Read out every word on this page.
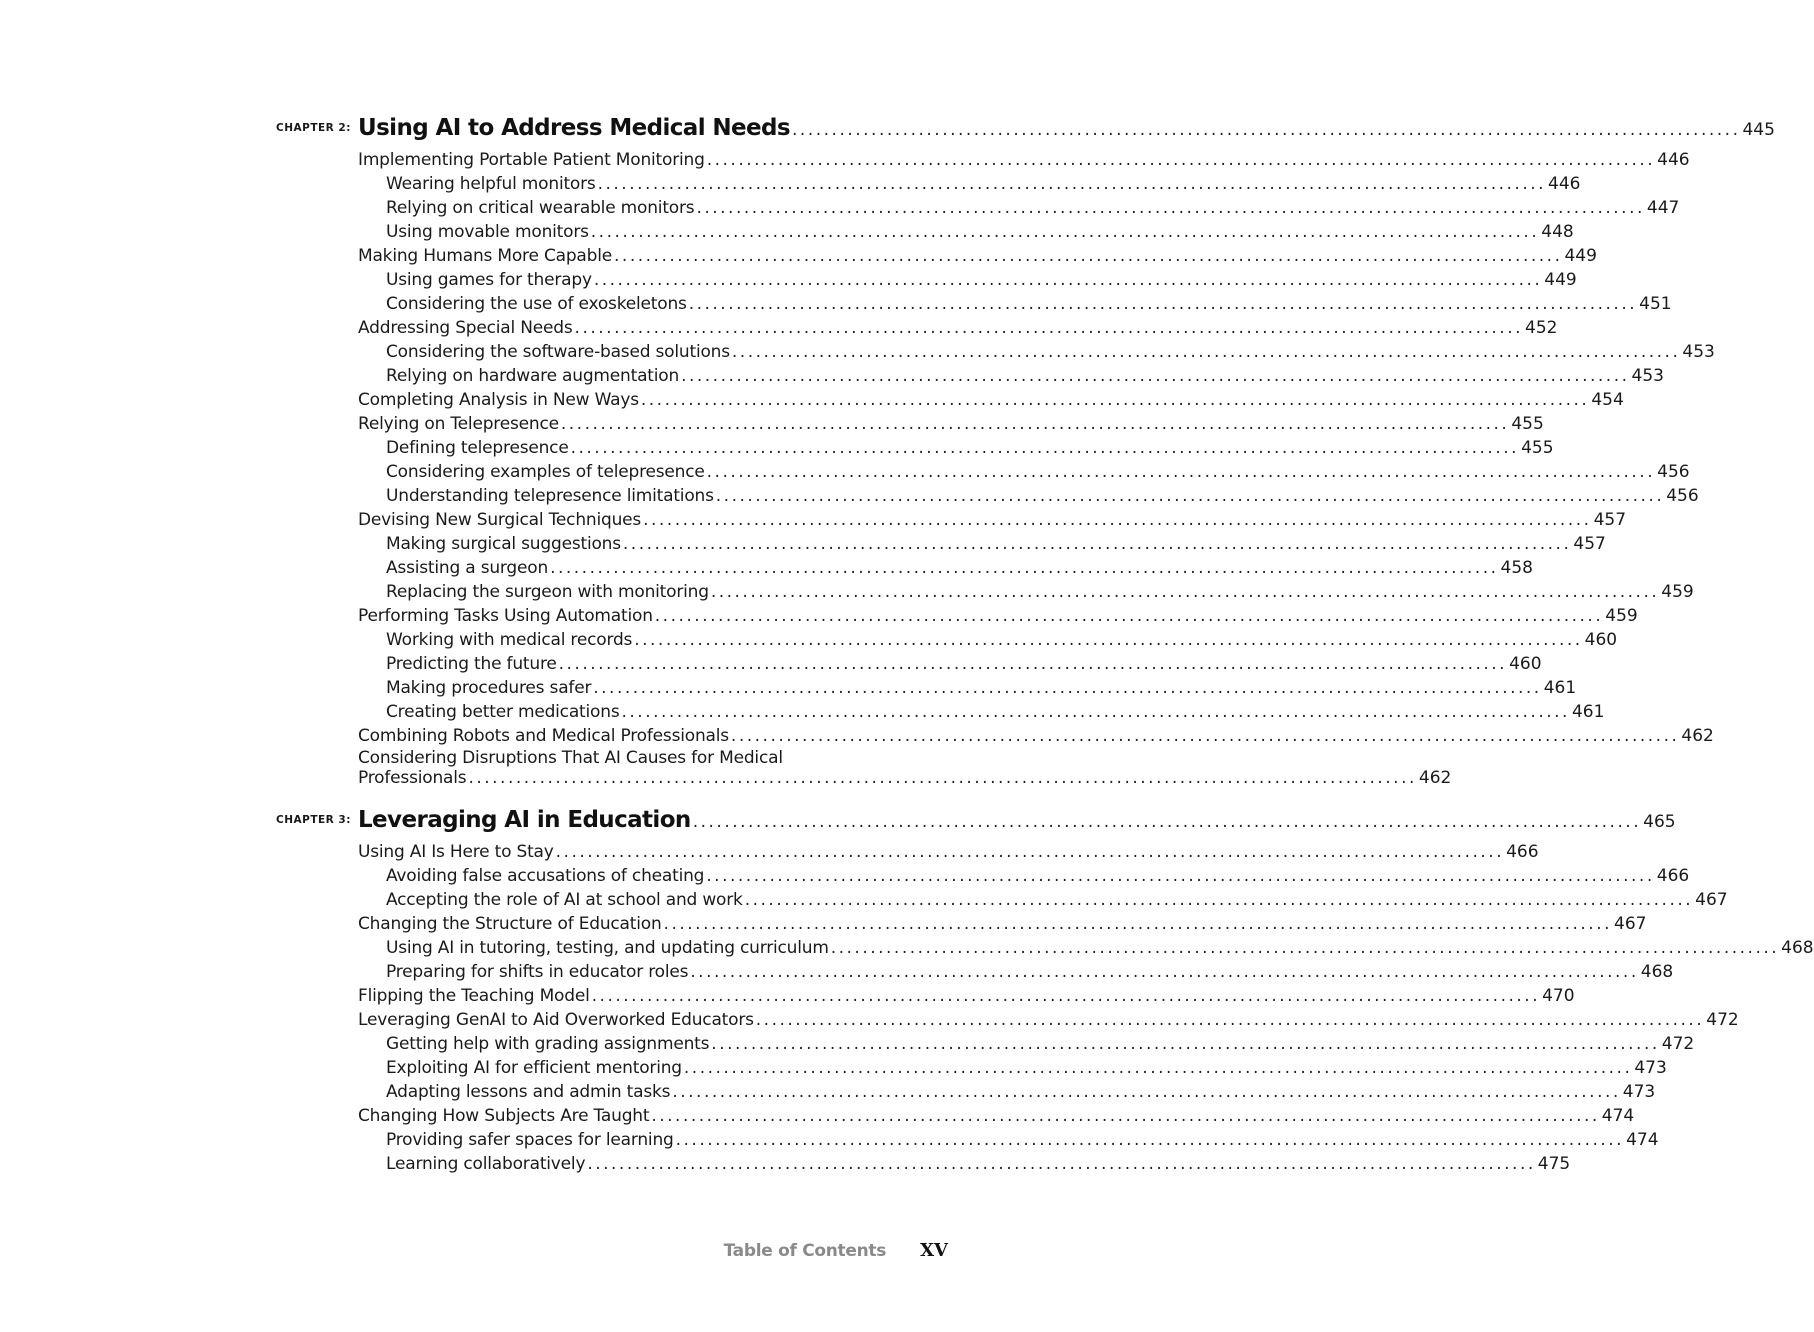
CHAPTER 2: Using AI to Address Medical Needs ........................................................................................................................ 445
Implementing Portable Patient Monitoring ........................................................................................................................ 446
Wearing helpful monitors ........................................................................................................................ 446
Relying on critical wearable monitors ........................................................................................................................ 447
Using movable monitors ........................................................................................................................ 448
Making Humans More Capable ........................................................................................................................ 449
Using games for therapy ........................................................................................................................ 449
Considering the use of exoskeletons ........................................................................................................................ 451
Addressing Special Needs ........................................................................................................................ 452
Considering the software-based solutions ........................................................................................................................ 453
Relying on hardware augmentation ........................................................................................................................ 453
Completing Analysis in New Ways ........................................................................................................................ 454
Relying on Telepresence ........................................................................................................................ 455
Defining telepresence ........................................................................................................................ 455
Considering examples of telepresence ........................................................................................................................ 456
Understanding telepresence limitations ........................................................................................................................ 456
Devising New Surgical Techniques ........................................................................................................................ 457
Making surgical suggestions ........................................................................................................................ 457
Assisting a surgeon ........................................................................................................................ 458
Replacing the surgeon with monitoring ........................................................................................................................ 459
Performing Tasks Using Automation ........................................................................................................................ 459
Working with medical records ........................................................................................................................ 460
Predicting the future ........................................................................................................................ 460
Making procedures safer ........................................................................................................................ 461
Creating better medications ........................................................................................................................ 461
Combining Robots and Medical Professionals ........................................................................................................................ 462
Considering Disruptions That AI Causes for Medical
Professionals ........................................................................................................................ 462
CHAPTER 3: Leveraging AI in Education ........................................................................................................................ 465
Using AI Is Here to Stay ........................................................................................................................ 466
Avoiding false accusations of cheating ........................................................................................................................ 466
Accepting the role of AI at school and work ........................................................................................................................ 467
Changing the Structure of Education ........................................................................................................................ 467
Using AI in tutoring, testing, and updating curriculum ........................................................................................................................ 468
Preparing for shifts in educator roles ........................................................................................................................ 468
Flipping the Teaching Model ........................................................................................................................ 470
Leveraging GenAI to Aid Overworked Educators ........................................................................................................................ 472
Getting help with grading assignments ........................................................................................................................ 472
Exploiting AI for efficient mentoring ........................................................................................................................ 473
Adapting lessons and admin tasks ........................................................................................................................ 473
Changing How Subjects Are Taught ........................................................................................................................ 474
Providing safer spaces for learning ........................................................................................................................ 474
Learning collaboratively ........................................................................................................................ 475
Table of Contents XV
